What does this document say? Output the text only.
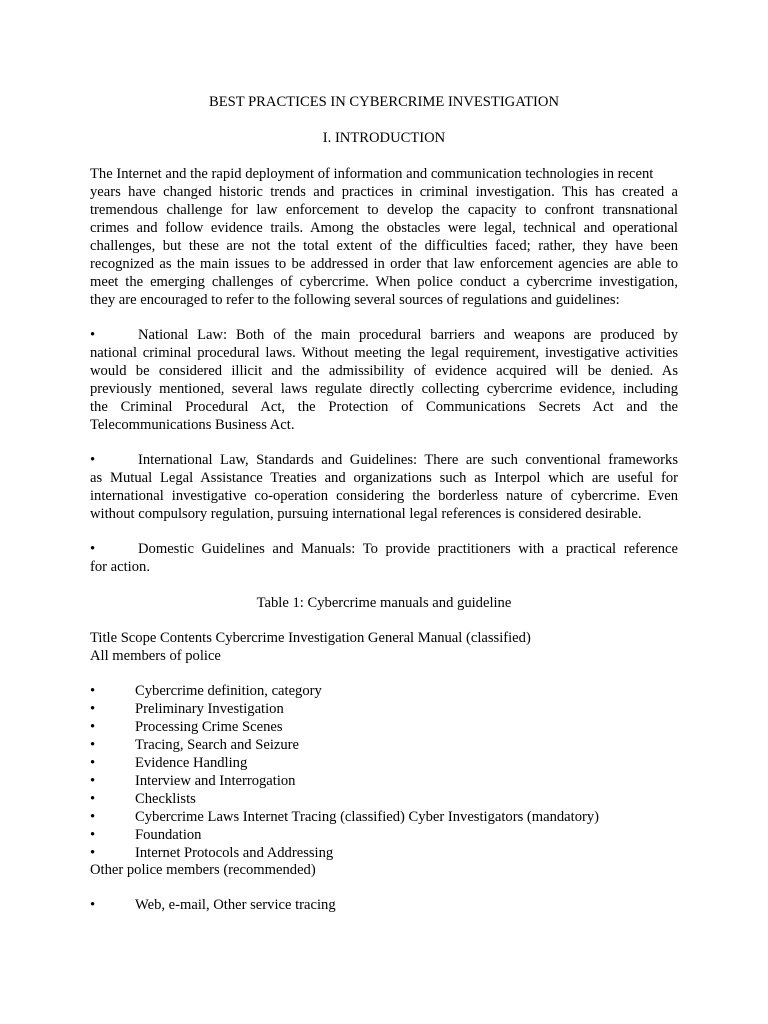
BEST PRACTICES IN CYBERCRIME INVESTIGATION
I. INTRODUCTION
The Internet and the rapid deployment of information and communication technologies in recent
years have changed historic trends and practices in criminal investigation. This has created a
tremendous challenge for law enforcement to develop the capacity to confront transnational
crimes and follow evidence trails. Among the obstacles were legal, technical and operational
challenges, but these are not the total extent of the difficulties faced; rather, they have been
recognized as the main issues to be addressed in order that law enforcement agencies are able to
meet the emerging challenges of cybercrime. When police conduct a cybercrime investigation,
they are encouraged to refer to the following several sources of regulations and guidelines:
•	National Law: Both of the main procedural barriers and weapons are produced by
national criminal procedural laws. Without meeting the legal requirement, investigative activities
would be considered illicit and the admissibility of evidence acquired will be denied. As
previously mentioned, several laws regulate directly collecting cybercrime evidence, including
the Criminal Procedural Act, the Protection of Communications Secrets Act and the
Telecommunications Business Act.
•	International Law, Standards and Guidelines: There are such conventional frameworks
as Mutual Legal Assistance Treaties and organizations such as Interpol which are useful for
international investigative co-operation considering the borderless nature of cybercrime. Even
without compulsory regulation, pursuing international legal references is considered desirable.
•	Domestic Guidelines and Manuals: To provide practitioners with a practical reference
for action.
Table 1: Cybercrime manuals and guideline
Title Scope Contents Cybercrime Investigation General Manual (classified)
All members of police
•	Cybercrime definition, category
•	Preliminary Investigation
•	Processing Crime Scenes
•	Tracing, Search and Seizure
•	Evidence Handling
•	Interview and Interrogation
•	Checklists
•	Cybercrime Laws Internet Tracing (classified) Cyber Investigators (mandatory)
•	Foundation
•	Internet Protocols and Addressing
Other police members (recommended)
•	Web, e-mail, Other service tracing
